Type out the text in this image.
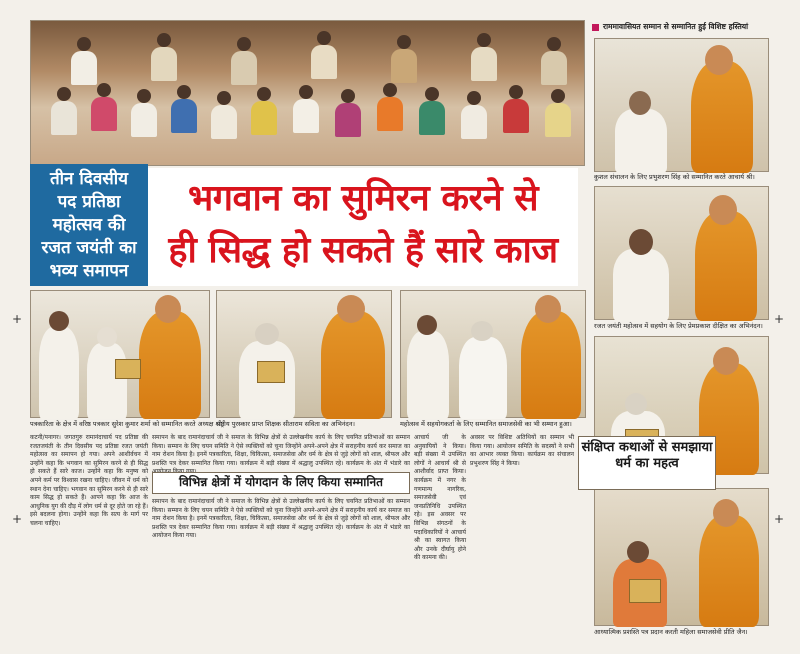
+	+
+	+
तीन दिवसीय
पद प्रतिष्ठा
महोत्सव की
रजत जयंती का
भव्य समापन
भगवान का सुमिरन करने से
ही सिद्ध हो सकते हैं सारे काज
राममावासियत सम्मान से सम्मानित हुई विशिष्ट हस्तियां
कुशल संचालन के लिए प्रभुशरण सिंह को सम्मानित करते आचार्य श्री।
रजत जयंती महोत्सव में सहयोग के लिए प्रेमप्रकाश दीक्षित का अभिनंदन।
आध्यात्मिक प्रशस्ति पत्र प्रदान करती महिला समाजसेवी प्रीति जैन।
पत्रकारिता के क्षेत्र में वरिष्ठ पत्रकार सुरेश कुमार शर्मा को सम्मानित करते अध्यक्ष श्री।
राष्ट्रीय पुरस्कार प्राप्त शिक्षक सीताराम सविता का अभिनंदन।	महोत्सव में सहयोगकर्ता के लिए सम्मानित समाजसेवी का भी सम्मान हुआ।
कटनी/पनागर। जगतगुरु रामानंदाचार्य पद प्रतिष्ठा की रजतजयंती के तीन दिवसीय पद प्रतिष्ठा रजत जयंती महोत्सव का समापन हो गया। अपने आशीर्वचन में उन्होंने कहा कि भगवान का सुमिरन करने से ही सिद्ध हो सकते हैं सारे काज। उन्होंने कहा कि मनुष्य को अपने कर्म पर विश्वास रखना चाहिए। जीवन में धर्म को स्थान देना चाहिए। भगवान का सुमिरन करने से ही सारे काम सिद्ध हो सकते हैं। आपने कहा कि आज के आधुनिक युग की दौड़ में लोग धर्म से दूर होते जा रहे हैं। इसे बदलना होगा। उन्होंने कहा कि सत्य के मार्ग पर चलना चाहिए।
समापन के बाद रामानंदाचार्य जी ने समाज के विभिन्न क्षेत्रों से उल्लेखनीय कार्य के लिए चयनित प्रतिभाओं का सम्मान किया। सम्मान के लिए चयन समिति ने ऐसे व्यक्तियों को चुना जिन्होंने अपने-अपने क्षेत्र में सराहनीय कार्य कर समाज का नाम रोशन किया है। इनमें पत्रकारिता, शिक्षा, चिकित्सा, समाजसेवा और धर्म के क्षेत्र से जुड़े लोगों को शाल, श्रीफल और प्रशस्ति पत्र देकर सम्मानित किया गया। कार्यक्रम में बड़ी संख्या में श्रद्धालु उपस्थित रहे। कार्यक्रम के अंत में भंडारे का
विभिन्न क्षेत्रों में योगदान के लिए किया सम्मानित
समापन के बाद रामानंदाचार्य जी ने समाज के विभिन्न क्षेत्रों से उल्लेखनीय कार्य के लिए चयनित प्रतिभाओं का सम्मान किया। सम्मान के लिए चयन समिति ने ऐसे व्यक्तियों को चुना जिन्होंने अपने-अपने क्षेत्र में सराहनीय कार्य कर समाज का नाम रोशन किया है। इनमें पत्रकारिता, शिक्षा, चिकित्सा, समाजसेवा और धर्म के क्षेत्र से जुड़े लोगों को शाल, श्रीफल और प्रशस्ति पत्र देकर सम्मानित किया गया। कार्यक्रम में बड़ी संख्या में श्रद्धालु उपस्थित रहे। कार्यक्रम के अंत में भंडारे का आयोजन किया गया।
आचार्य जी के अनुयायियों ने किया। बड़ी संख्या में उपस्थित लोगों ने आचार्य श्री से आशीर्वाद प्राप्त किया। कार्यक्रम में नगर के गणमान्य नागरिक, समाजसेवी एवं जनप्रतिनिधि उपस्थित रहे। इस अवसर पर विभिन्न संगठनों के पदाधिकारियों ने आचार्य श्री का स्वागत किया और उनके दीर्घायु होने की कामना की।
अवसर पर विशिष्ट अतिथियों का सम्मान भी किया गया। आयोजन समिति के सदस्यों ने सभी का आभार व्यक्त किया। कार्यक्रम का संचालन प्रभुशरण सिंह ने किया।
संक्षिप्त कथाओं से समझाया धर्म का महत्व
